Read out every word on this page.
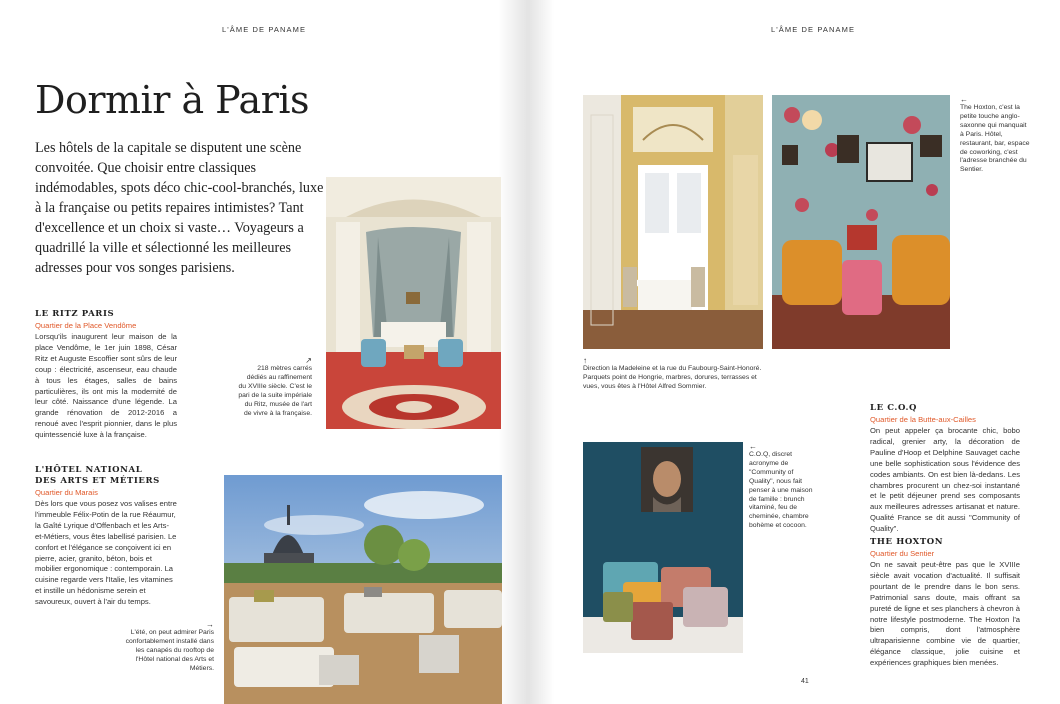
L'ÂME DE PANAME
Dormir à Paris
Les hôtels de la capitale se disputent une scène convoitée. Que choisir entre classiques indémodables, spots déco chic-cool-branchés, luxe à la française ou petits repaires intimistes? Tant d'excellence et un choix si vaste… Voyageurs a quadrillé la ville et sélectionné les meilleures adresses pour vos songes parisiens.
LE RITZ PARIS
Quartier de la Place Vendôme
Lorsqu'ils inaugurent leur maison de la place Vendôme, le 1er juin 1898, César Ritz et Auguste Escoffier sont sûrs de leur coup : électricité, ascenseur, eau chaude à tous les étages, salles de bains particulières, ils ont mis la modernité de leur côté. Naissance d'une légende. La grande rénovation de 2012-2016 a renoué avec l'esprit pionnier, dans le plus quintessencié luxe à la française.
↗
218 mètres carrés dédiés au raffinement du XVIIIe siècle. C'est le pari de la suite impériale du Ritz, musée de l'art de vivre à la française.
L'HÔTEL NATIONAL
DES ARTS ET MÉTIERS
Quartier du Marais
Dès lors que vous posez vos valises entre l'immeuble Félix-Potin de la rue Réaumur, la Gaîté Lyrique d'Offenbach et les Arts-et-Métiers, vous êtes labellisé parisien. Le confort et l'élégance se conçoivent ici en pierre, acier, granito, béton, bois et mobilier ergonomique : contemporain. La cuisine regarde vers l'Italie, les vitamines et instille un hédonisme serein et savoureux, ouvert à l'air du temps.
→
L'été, on peut admirer Paris confortablement installé dans les canapés du rooftop de l'Hôtel national des Arts et Métiers.
L'ÂME DE PANAME
↑
Direction la Madeleine et la rue du Faubourg-Saint-Honoré. Parquets point de Hongrie, marbres, dorures, terrasses et vues, vous êtes à l'Hôtel Alfred Sommier.
←
The Hoxton, c'est la petite touche anglo-saxonne qui manquait à Paris. Hôtel, restaurant, bar, espace de coworking, c'est l'adresse branchée du Sentier.
←
C.O.Q, discret acronyme de "Community of Quality", nous fait penser à une maison de famille : brunch vitaminé, feu de cheminée, chambre bohème et cocoon.
LE C.O.Q
Quartier de la Butte-aux-Cailles
On peut appeler ça brocante chic, bobo radical, grenier arty, la décoration de Pauline d'Hoop et Delphine Sauvaget cache une belle sophistication sous l'évidence des codes ambiants. On est bien là-dedans. Les chambres procurent un chez-soi instantané et le petit déjeuner prend ses composants aux meilleures adresses artisanat et nature. Qualité France se dit aussi "Community of Quality".
THE HOXTON
Quartier du Sentier
On ne savait peut-être pas que le XVIIIe siècle avait vocation d'actualité. Il suffisait pourtant de le prendre dans le bon sens. Patrimonial sans doute, mais offrant sa pureté de ligne et ses planchers à chevron à notre lifestyle postmoderne. The Hoxton l'a bien compris, dont l'atmosphère ultraparisienne combine vie de quartier, élégance classique, jolie cuisine et expériences graphiques bien menées.
41
